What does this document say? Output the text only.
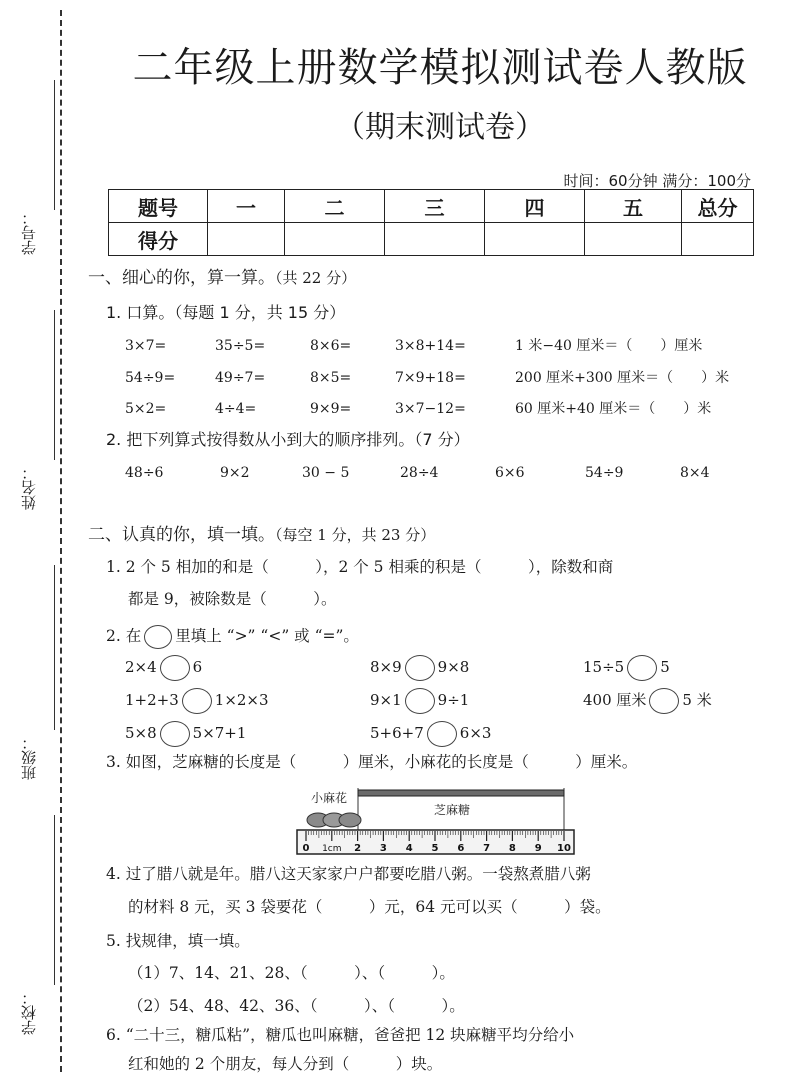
学号：
姓名：
班级：
学校：
二年级上册数学模拟测试卷人教版
（期末测试卷）
时间：60分钟 满分：100分
题号	一	二	三	四	五	总分
得分						
一、细心的你，算一算。（共 22 分）
1. 口算。（每题 1 分，共 15 分）
3×7=	35÷5=	8×6=	3×8+14=	1 米−40 厘米＝（　　）厘米
54÷9=	49÷7=	8×5=	7×9+18=	200 厘米+300 厘米＝（　　）米
5×2=	4÷4=	9×9=	3×7−12=	60 厘米+40 厘米＝（　　）米
2. 把下列算式按得数从小到大的顺序排列。（7 分）
48÷6	9×2	30 − 5	28÷4	6×6	54÷9	8×4
二、认真的你，填一填。（每空 1 分，共 23 分）
1. 2 个 5 相加的和是（　　　），2 个 5 相乘的积是（　　　），除数和商
都是 9，被除数是（　　　）。
2. 在 里填上 “>” “<” 或 “=”。
2×4 6	8×9 9×8	15÷5 5
1+2+3 1×2×3	9×1 9÷1	400 厘米 5 米
5×8 5×7+1	5+6+7 6×3
3. 如图，芝麻糖的长度是（　　　）厘米，小麻花的长度是（　　　）厘米。
小麻花
芝麻糖
0	2 3 4 5 6 7 8 9 10
1cm
4. 过了腊八就是年。腊八这天家家户户都要吃腊八粥。一袋熬煮腊八粥
的材料 8 元，买 3 袋要花（　　　）元，64 元可以买（　　　）袋。
5. 找规律，填一填。
（1）7、14、21、28、（　　　）、（　　　）。
（2）54、48、42、36、（　　　）、（　　　）。
6. “二十三，糖瓜粘”，糖瓜也叫麻糖，爸爸把 12 块麻糖平均分给小
红和她的 2 个朋友，每人分到（　　　）块。
